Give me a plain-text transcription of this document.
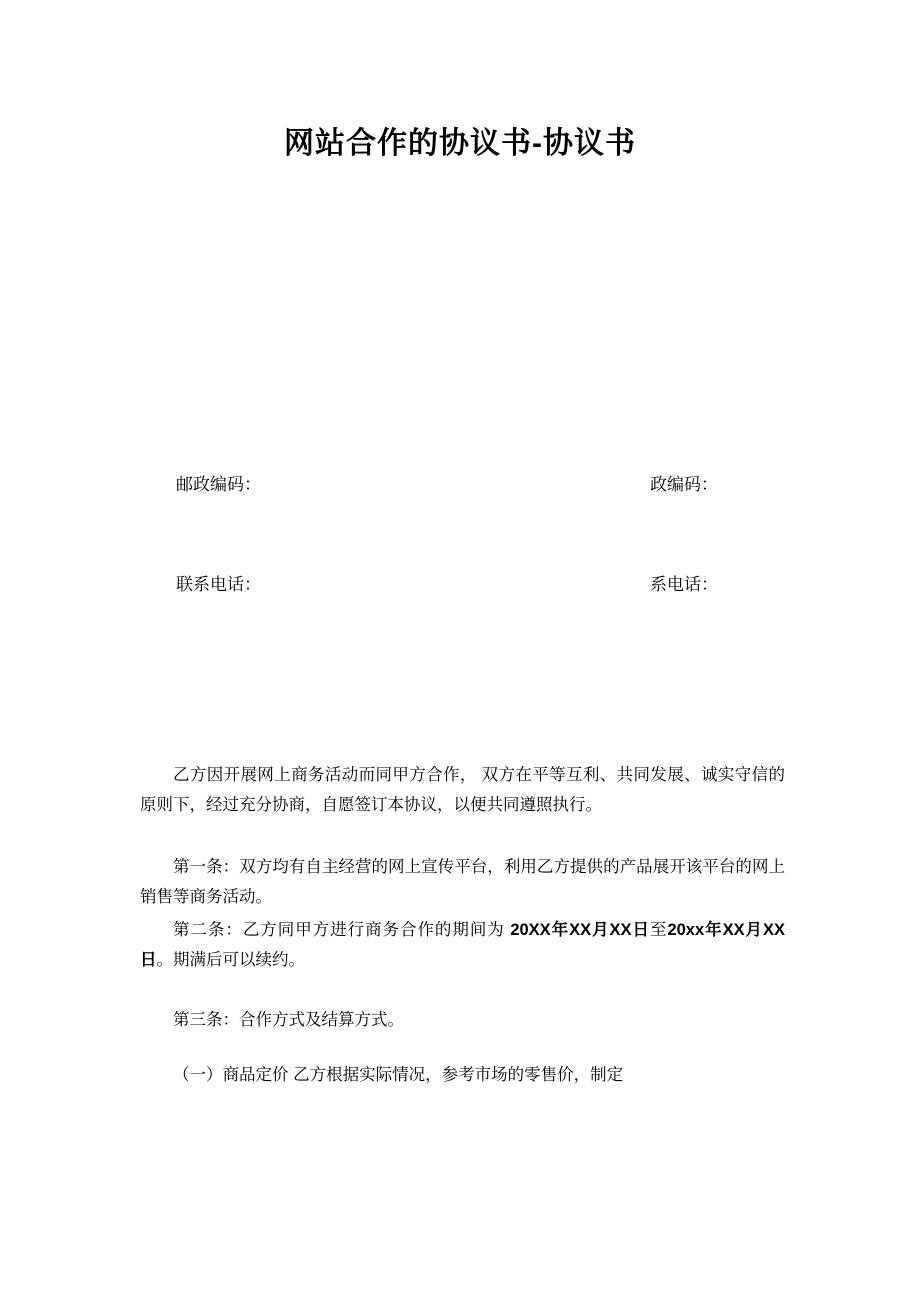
网站合作的协议书-协议书
邮政编码：	政编码：
联系电话：	系电话：

乙方因开展网上商务活动而同甲方合作， 双方在平等互利、共同发展、诚实守信的原则下，经过充分协商，自愿签订本协议，以便共同遵照执行。

第一条：双方均有自主经营的网上宣传平台，利用乙方提供的产品展开该平台的网上销售等商务活动。

第二条：乙方同甲方进行商务合作的期间为 20XX年XX月XX日至20xx年XX月XX日。期满后可以续约。

第三条：合作方式及结算方式。

（一）商品定价 乙方根据实际情况，参考市场的零售价，制定
